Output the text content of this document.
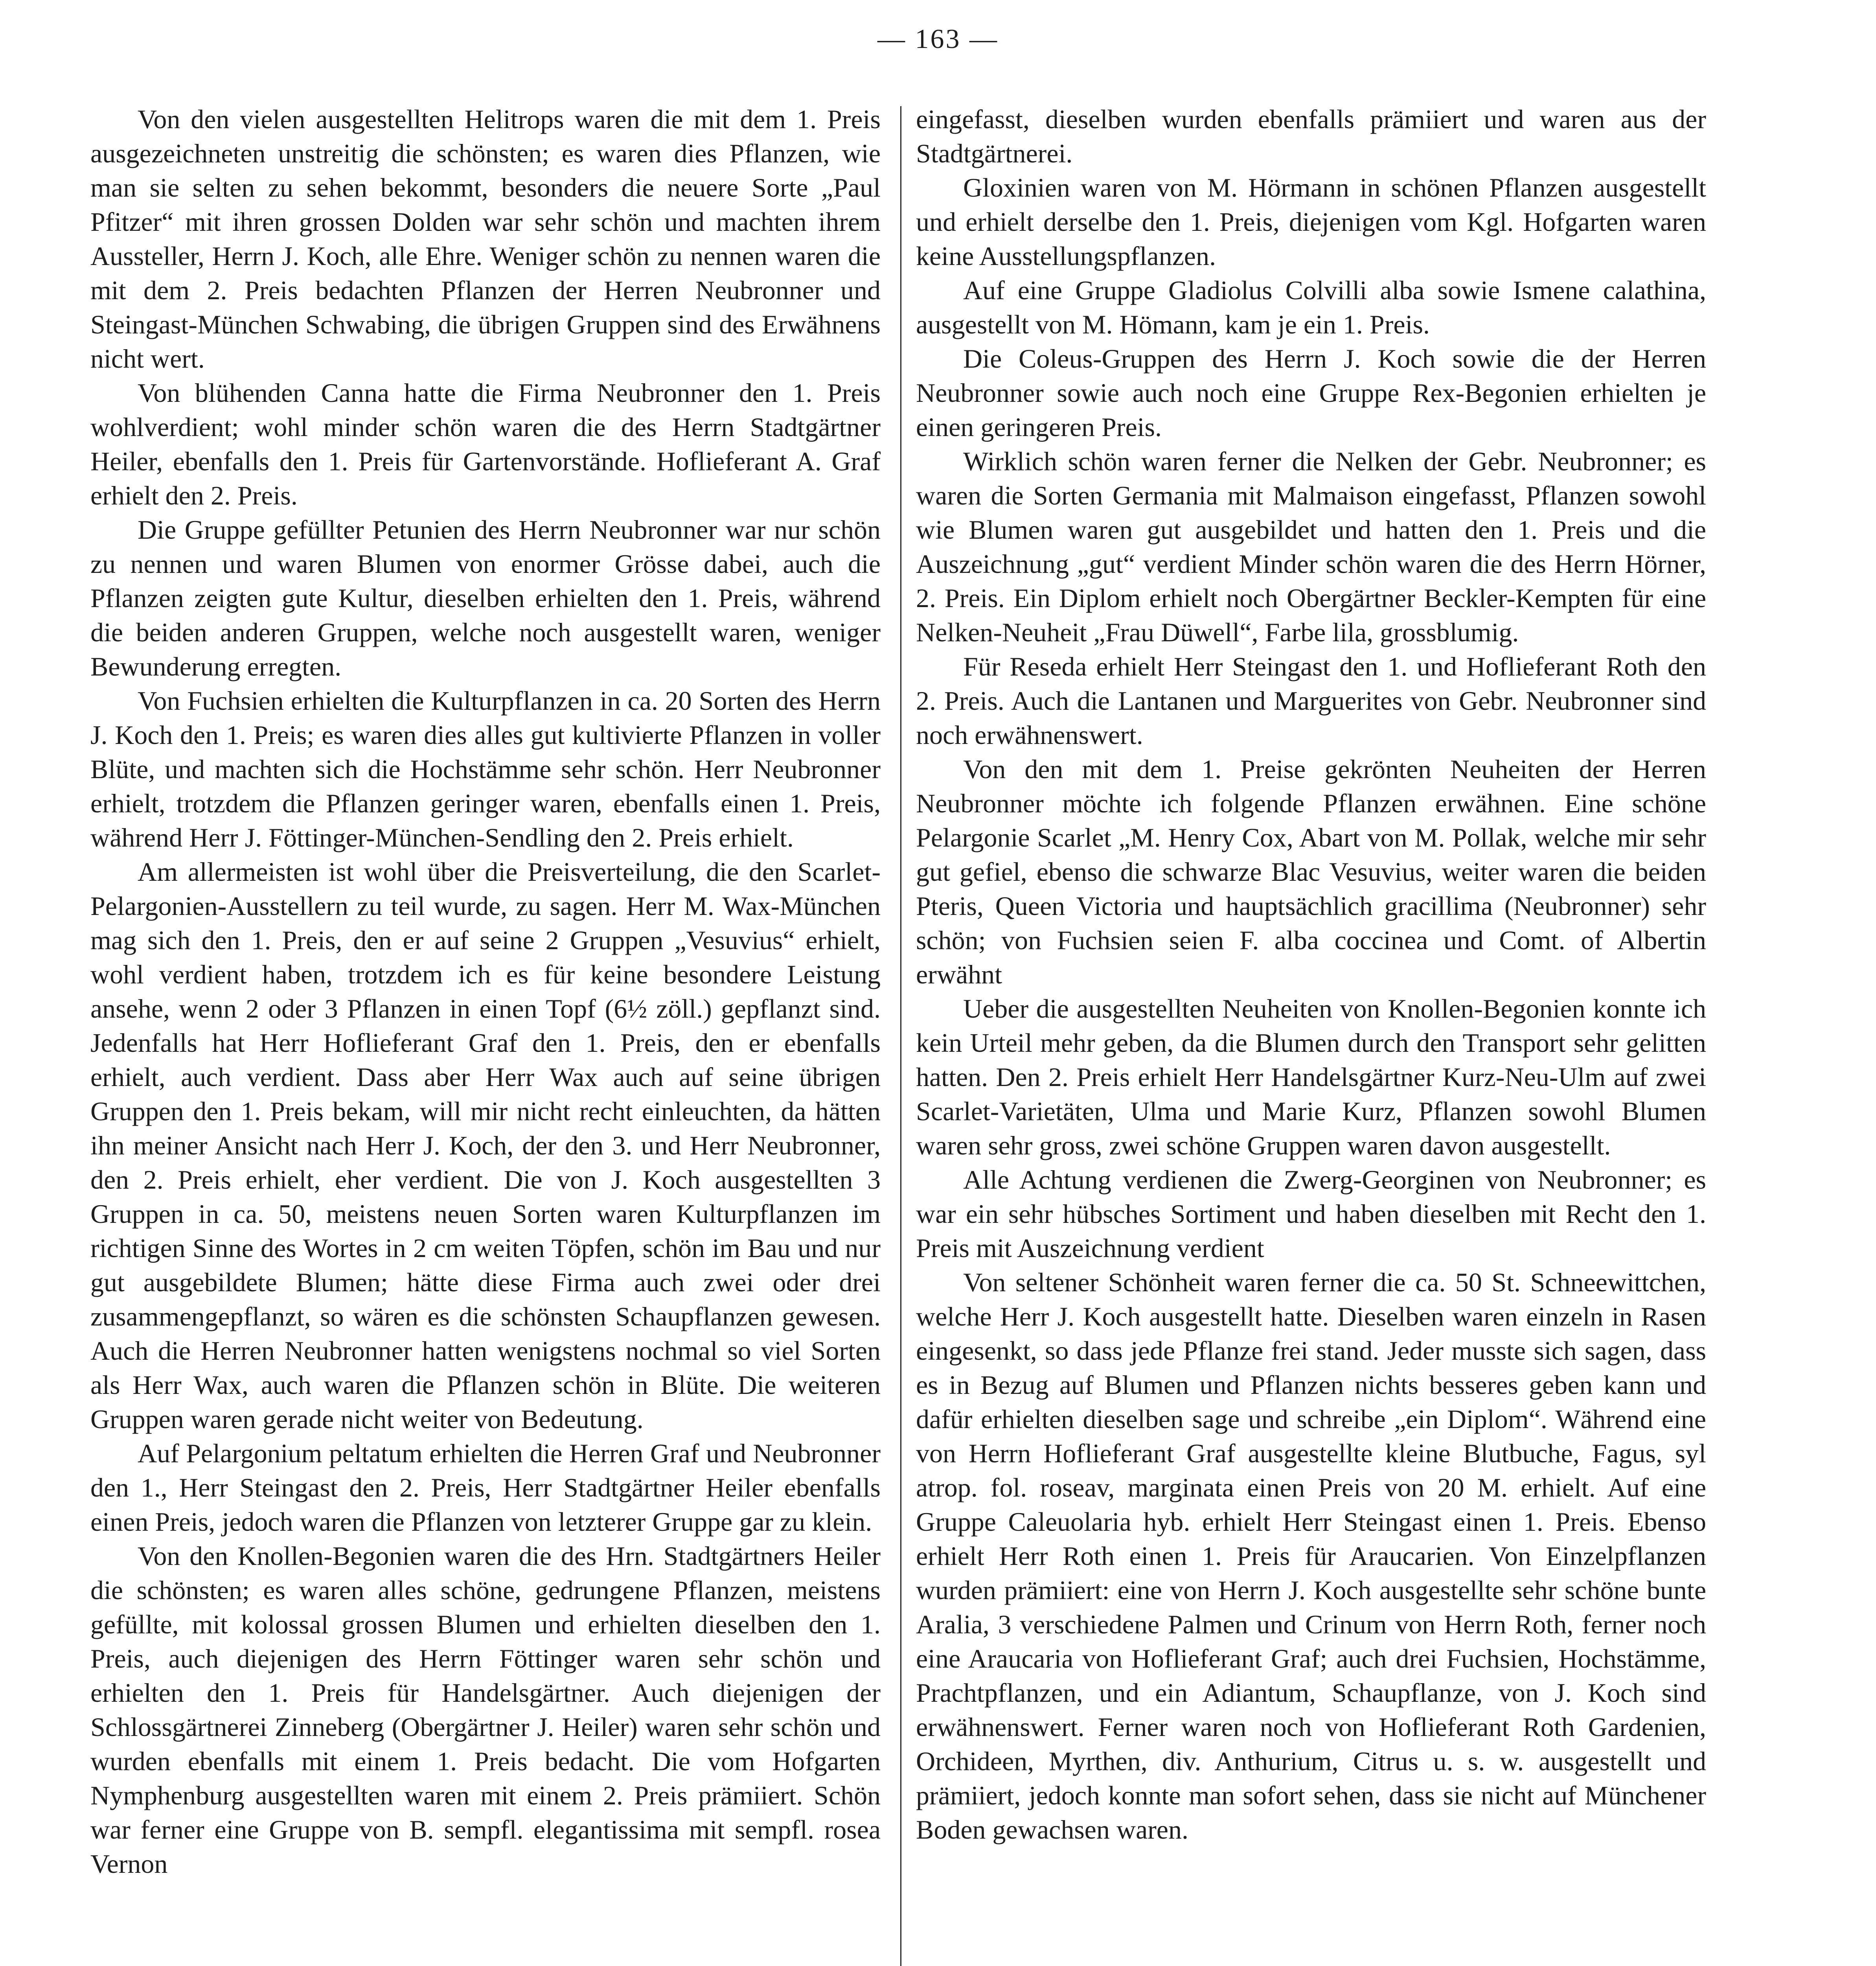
— 163 —

Von den vielen ausgestellten Helitrops waren die mit dem 1. Preis ausgezeichneten unstreitig die schönsten; es waren dies Pflanzen, wie man sie selten zu sehen bekommt, besonders die neuere Sorte „Paul Pfitzer“ mit ihren grossen Dolden war sehr schön und machten ihrem Aussteller, Herrn J. Koch, alle Ehre. Weniger schön zu nennen waren die mit dem 2. Preis bedachten Pflanzen der Herren Neubronner und Steingast-München Schwabing, die übrigen Gruppen sind des Erwähnens nicht wert.

Von blühenden Canna hatte die Firma Neubronner den 1. Preis wohlverdient; wohl minder schön waren die des Herrn Stadtgärtner Heiler, ebenfalls den 1. Preis für Gartenvorstände. Hoflieferant A. Graf erhielt den 2. Preis.

Die Gruppe gefüllter Petunien des Herrn Neubronner war nur schön zu nennen und waren Blumen von enormer Grösse dabei, auch die Pflanzen zeigten gute Kultur, dieselben erhielten den 1. Preis, während die beiden anderen Gruppen, welche noch ausgestellt waren, weniger Bewunderung erregten.

Von Fuchsien erhielten die Kulturpflanzen in ca. 20 Sorten des Herrn J. Koch den 1. Preis; es waren dies alles gut kultivierte Pflanzen in voller Blüte, und machten sich die Hochstämme sehr schön. Herr Neubronner erhielt, trotzdem die Pflanzen geringer waren, ebenfalls einen 1. Preis, während Herr J. Föttinger-München-Sendling den 2. Preis erhielt.

Am allermeisten ist wohl über die Preisverteilung, die den Scarlet-Pelargonien-Ausstellern zu teil wurde, zu sagen. Herr M. Wax-München mag sich den 1. Preis, den er auf seine 2 Gruppen „Vesuvius“ erhielt, wohl verdient haben, trotzdem ich es für keine besondere Leistung ansehe, wenn 2 oder 3 Pflanzen in einen Topf (6½ zöll.) gepflanzt sind. Jedenfalls hat Herr Hoflieferant Graf den 1. Preis, den er ebenfalls erhielt, auch verdient. Dass aber Herr Wax auch auf seine übrigen Gruppen den 1. Preis bekam, will mir nicht recht einleuchten, da hätten ihn meiner Ansicht nach Herr J. Koch, der den 3. und Herr Neubronner, den 2. Preis erhielt, eher verdient. Die von J. Koch ausgestellten 3 Gruppen in ca. 50, meistens neuen Sorten waren Kulturpflanzen im richtigen Sinne des Wortes in 2 cm weiten Töpfen, schön im Bau und nur gut ausgebildete Blumen; hätte diese Firma auch zwei oder drei zusammengepflanzt, so wären es die schönsten Schaupflanzen gewesen. Auch die Herren Neubronner hatten wenigstens nochmal so viel Sorten als Herr Wax, auch waren die Pflanzen schön in Blüte. Die weiteren Gruppen waren gerade nicht weiter von Bedeutung.

Auf Pelargonium peltatum erhielten die Herren Graf und Neubronner den 1., Herr Steingast den 2. Preis, Herr Stadtgärtner Heiler ebenfalls einen Preis, jedoch waren die Pflanzen von letzterer Gruppe gar zu klein.

Von den Knollen-Begonien waren die des Hrn. Stadtgärtners Heiler die schönsten; es waren alles schöne, gedrungene Pflanzen, meistens gefüllte, mit kolossal grossen Blumen und erhielten dieselben den 1. Preis, auch diejenigen des Herrn Föttinger waren sehr schön und erhielten den 1. Preis für Handelsgärtner. Auch diejenigen der Schlossgärtnerei Zinneberg (Obergärtner J. Heiler) waren sehr schön und wurden ebenfalls mit einem 1. Preis bedacht. Die vom Hofgarten Nymphenburg ausgestellten waren mit einem 2. Preis prämiiert. Schön war ferner eine Gruppe von B. sempfl. elegantissima mit sempfl. rosea Vernon

eingefasst, dieselben wurden ebenfalls prämiiert und waren aus der Stadtgärtnerei.

Gloxinien waren von M. Hörmann in schönen Pflanzen ausgestellt und erhielt derselbe den 1. Preis, diejenigen vom Kgl. Hofgarten waren keine Ausstellungspflanzen.

Auf eine Gruppe Gladiolus Colvilli alba sowie Ismene calathina, ausgestellt von M. Hömann, kam je ein 1. Preis.

Die Coleus-Gruppen des Herrn J. Koch sowie die der Herren Neubronner sowie auch noch eine Gruppe Rex-Begonien erhielten je einen geringeren Preis.

Wirklich schön waren ferner die Nelken der Gebr. Neubronner; es waren die Sorten Germania mit Malmaison eingefasst, Pflanzen sowohl wie Blumen waren gut ausgebildet und hatten den 1. Preis und die Auszeichnung „gut“ verdient Minder schön waren die des Herrn Hörner, 2. Preis. Ein Diplom erhielt noch Obergärtner Beckler-Kempten für eine Nelken-Neuheit „Frau Düwell“, Farbe lila, grossblumig.

Für Reseda erhielt Herr Steingast den 1. und Hoflieferant Roth den 2. Preis. Auch die Lantanen und Marguerites von Gebr. Neubronner sind noch erwähnenswert.

Von den mit dem 1. Preise gekrönten Neuheiten der Herren Neubronner möchte ich folgende Pflanzen erwähnen. Eine schöne Pelargonie Scarlet „M. Henry Cox, Abart von M. Pollak, welche mir sehr gut gefiel, ebenso die schwarze Blac Vesuvius, weiter waren die beiden Pteris, Queen Victoria und hauptsächlich gracillima (Neubronner) sehr schön; von Fuchsien seien F. alba coccinea und Comt. of Albertin erwähnt

Ueber die ausgestellten Neuheiten von Knollen-Begonien konnte ich kein Urteil mehr geben, da die Blumen durch den Transport sehr gelitten hatten. Den 2. Preis erhielt Herr Handelsgärtner Kurz-Neu-Ulm auf zwei Scarlet-Varietäten, Ulma und Marie Kurz, Pflanzen sowohl Blumen waren sehr gross, zwei schöne Gruppen waren davon ausgestellt.

Alle Achtung verdienen die Zwerg-Georginen von Neubronner; es war ein sehr hübsches Sortiment und haben dieselben mit Recht den 1. Preis mit Auszeichnung verdient

Von seltener Schönheit waren ferner die ca. 50 St. Schneewittchen, welche Herr J. Koch ausgestellt hatte. Dieselben waren einzeln in Rasen eingesenkt, so dass jede Pflanze frei stand. Jeder musste sich sagen, dass es in Bezug auf Blumen und Pflanzen nichts besseres geben kann und dafür erhielten dieselben sage und schreibe „ein Diplom“. Während eine von Herrn Hoflieferant Graf ausgestellte kleine Blutbuche, Fagus, syl atrop. fol. roseav, marginata einen Preis von 20 M. erhielt. Auf eine Gruppe Caleuolaria hyb. erhielt Herr Steingast einen 1. Preis. Ebenso erhielt Herr Roth einen 1. Preis für Araucarien. Von Einzelpflanzen wurden prämiiert: eine von Herrn J. Koch ausgestellte sehr schöne bunte Aralia, 3 verschiedene Palmen und Crinum von Herrn Roth, ferner noch eine Araucaria von Hoflieferant Graf; auch drei Fuchsien, Hochstämme, Prachtpflanzen, und ein Adiantum, Schaupflanze, von J. Koch sind erwähnenswert. Ferner waren noch von Hoflieferant Roth Gardenien, Orchideen, Myrthen, div. Anthurium, Citrus u. s. w. ausgestellt und prämiiert, jedoch konnte man sofort sehen, dass sie nicht auf Münchener Boden gewachsen waren.
